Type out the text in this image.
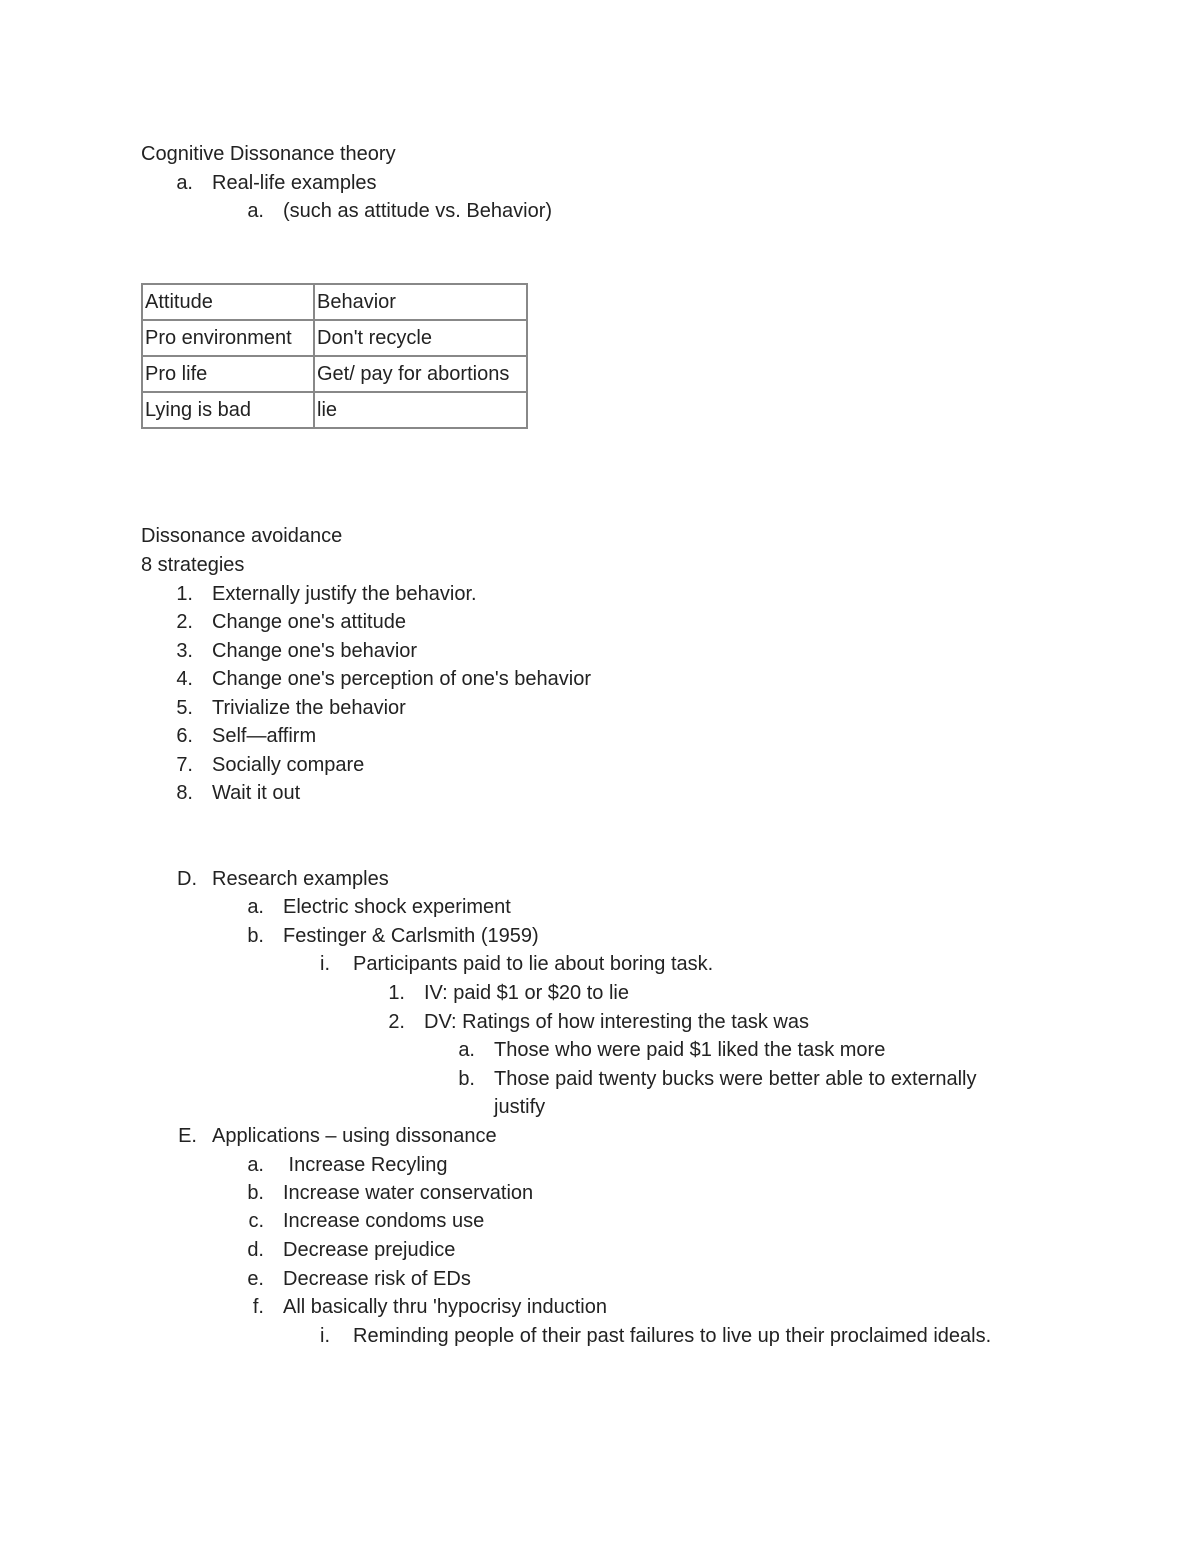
Cognitive Dissonance theory
a. Real-life examples
a. (such as attitude vs. Behavior)
Attitude	Behavior
Pro environment	Don't recycle
Pro life	Get/ pay for abortions
Lying is bad	lie
Dissonance avoidance
8 strategies
1. Externally justify the behavior.
2. Change one's attitude
3. Change one's behavior
4. Change one's perception of one's behavior
5. Trivialize the behavior
6. Self—affirm
7. Socially compare
8. Wait it out
D. Research examples
a. Electric shock experiment
b. Festinger & Carlsmith (1959)
i. Participants paid to lie about boring task.
1. IV: paid $1 or $20 to lie
2. DV: Ratings of how interesting the task was
a. Those who were paid $1 liked the task more
b. Those paid twenty bucks were better able to externally
justify
E. Applications – using dissonance
a. Increase Recyling
b. Increase water conservation
c. Increase condoms use
d. Decrease prejudice
e. Decrease risk of EDs
f. All basically thru 'hypocrisy induction
i. Reminding people of their past failures to live up their proclaimed ideals.
